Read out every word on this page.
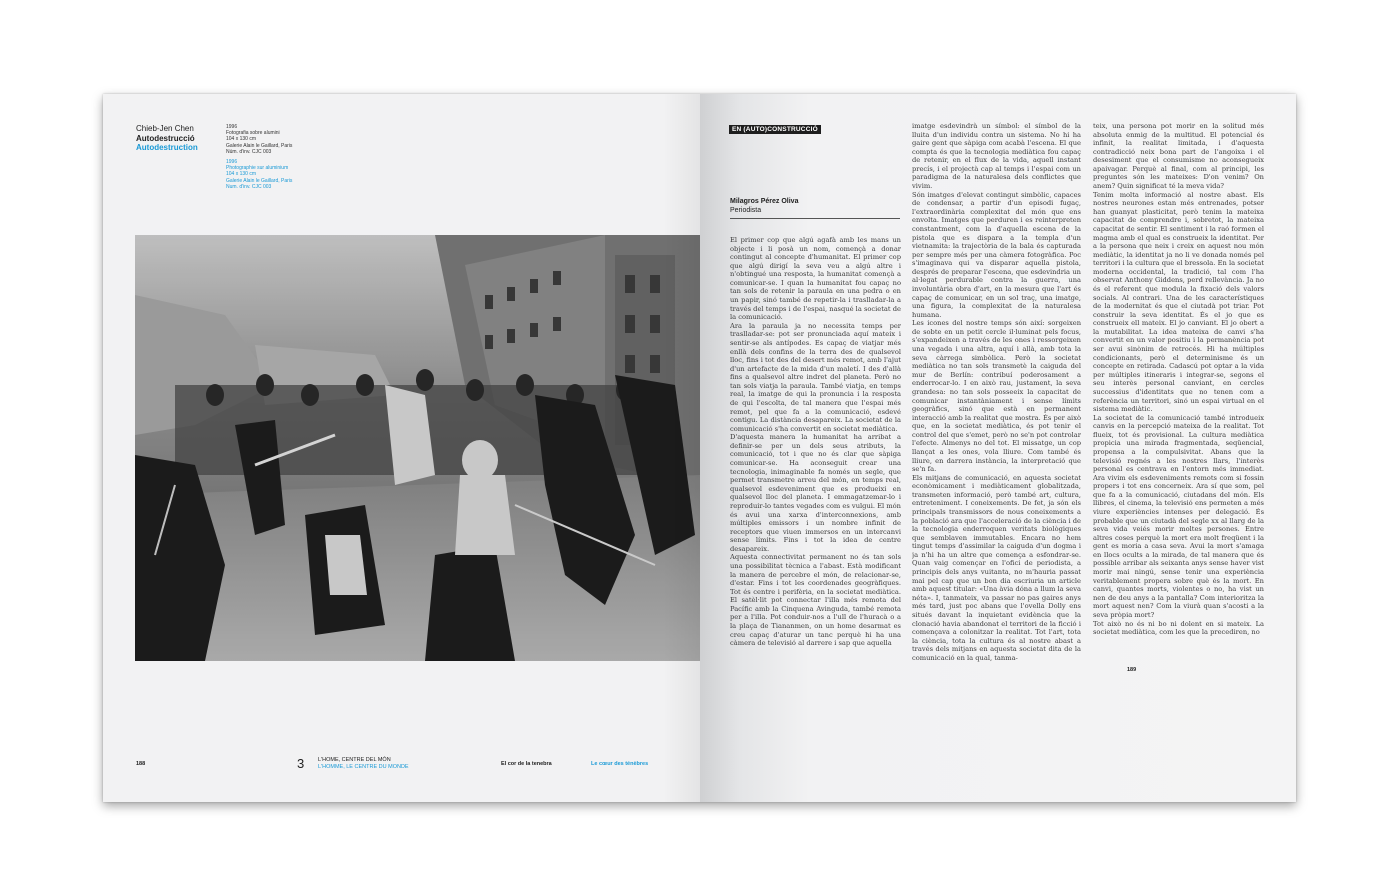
Chieb-Jen Chen
Autodestrucció
Autodestruction
1996
Fotografia sobre alumini
104 x 130 cm
Galerie Alain le Gaillard, Paris
Núm. d'inv. CJC 003
1996
Photographie sur aluminium
104 x 130 cm
Galerie Alain le Gaillard, Paris
Num. d'inv. CJC 003
188	3	L'HOME, CENTRE DEL MÓN
L'HOMME, LE CENTRE DU MONDE	El cor de la tenebra	Le cœur des ténèbres
EN (AUTO)CONSTRUCCIÓ
Milagros Pérez Oliva
Periodista

El primer cop que algú agafà amb les mans un objecte i li posà un nom, començà a donar contingut al concepte d'humanitat. El primer cop que algú dirigí la seva veu a algú altre i n'obtingué una resposta, la humanitat començà a comunicar-se. I quan la humanitat fou capaç no tan sols de retenir la paraula en una pedra o en un papir, sinó també de repetir-la i traslladar-la a través del temps i de l'espai, nasqué la societat de la comunicació.

Ara la paraula ja no necessita temps per traslladar-se: pot ser pronunciada aquí mateix i sentir-se als antípodes. Es capaç de viatjar més enllà dels confins de la terra des de qualsevol lloc, fins i tot des del desert més remot, amb l'ajut d'un artefacte de la mida d'un maletí. I des d'allà fins a qualsevol altre indret del planeta. Però no tan sols viatja la paraula. També viatja, en temps real, la imatge de qui la pronuncia i la resposta de qui l'escolta, de tal manera que l'espai més remot, pel que fa a la comunicació, esdevé contigu. La distància desapareix. La societat de la comunicació s'ha convertit en societat mediàtica.

D'aquesta manera la humanitat ha arribat a definir-se per un dels seus atributs, la comunicació, tot i que no és clar que sàpiga comunicar-se. Ha aconseguit crear una tecnologia, inimaginable fa només un segle, que permet transmetre arreu del món, en temps real, qualsevol esdeveniment que es produeixi en qualsevol lloc del planeta. I emmagatzemar-lo i reproduir-lo tantes vegades com es vulgui. El món és avui una xarxa d'interconnexions, amb múltiples emissors i un nombre infinit de receptors que viuen immersos en un intercanvi sense límits. Fins i tot la idea de centre desapareix.

Aquesta connectivitat permanent no és tan sols una possibilitat tècnica a l'abast. Està modificant la manera de percebre el món, de relacionar-se, d'estar. Fins i tot les coordenades geogràfiques. Tot és centre i perifèria, en la societat mediàtica. El satèl·lit pot connectar l'illa més remota del Pacífic amb la Cinquena Avinguda, també remota per a l'illa. Pot conduir-nos a l'ull de l'huracà o a la plaça de Tiananmen, on un home desarmat es creu capaç d'aturar un tanc perquè hi ha una càmera de televisió al darrere i sap que aquella

imatge esdevindrà un símbol: el símbol de la lluita d'un individu contra un sistema. No hi ha gaire gent que sàpiga com acabà l'escena. El que compta és que la tecnologia mediàtica fou capaç de retenir, en el flux de la vida, aquell instant precís, i el projectà cap al temps i l'espai com un paradigma de la naturalesa dels conflictes que vivim.

Són imatges d'elevat contingut simbòlic, capaces de condensar, a partir d'un episodi fugaç, l'extraordinària complexitat del món que ens envolta. Imatges que perduren i es reinterpreten constantment, com la d'aquella escena de la pistola que es dispara a la templa d'un vietnamita: la trajectòria de la bala és capturada per sempre més per una càmera fotogràfica. Poc s'imaginava qui va disparar aquella pistola, després de preparar l'escena, que esdevindria un al·legat perdurable contra la guerra, una involuntària obra d'art, en la mesura que l'art és capaç de comunicar, en un sol traç, una imatge, una figura, la complexitat de la naturalesa humana.

Les icones del nostre temps són així: sorgeixen de sobte en un petit cercle il·luminat pels focus, s'expandeixen a través de les ones i ressorgeixen una vegada i una altra, aquí i allà, amb tota la seva càrrega simbòlica. Però la societat mediàtica no tan sols transmetè la caiguda del mur de Berlín: contribuí poderosament a enderrocar-lo. I en això rau, justament, la seva grandesa: no tan sols posseeix la capacitat de comunicar instantàniament i sense límits geogràfics, sinó que està en permanent interacció amb la realitat que mostra. És per això que, en la societat mediàtica, és pot tenir el control del que s'emet, però no se'n pot controlar l'efecte. Almenys no del tot. El missatge, un cop llançat a les ones, vola lliure. Com també és lliure, en darrera instància, la interpretació que se'n fa.

Els mitjans de comunicació, en aquesta societat econòmicament i mediàticament globalitzada, transmeten informació, però també art, cultura, entreteniment. I coneixements. De fet, ja són els principals transmissors de nous coneixements a la població ara que l'acceleració de la ciència i de la tecnologia enderroquen veritats biològiques que semblaven immutables. Encara no hem tingut temps d'assimilar la caiguda d'un dogma i ja n'hi ha un altre que comença a esfondrar-se. Quan vaig començar en l'ofici de periodista, a principis dels anys vuitanta, no m'hauria passat mai pel cap que un bon dia escriuria un article amb aquest titular: «Una àvia dóna a llum la seva néta». I, tanmateix, va passar no pas gaires anys més tard, just poc abans que l'ovella Dolly ens situés davant la inquietant evidència que la clonació havia abandonat el territori de la ficció i començava a colonitzar la realitat. Tot l'art, tota la ciència, tota la cultura és al nostre abast a través dels mitjans en aquesta societat dita de la comunicació en la qual, tanma-

teix, una persona pot morir en la solitud més absoluta enmig de la multitud. El potencial és infinit, la realitat limitada, i d'aquesta contradicció neix bona part de l'angoixa i el desesiment que el consumisme no aconsegueix apaivagar. Perquè al final, com al principi, les preguntes són les mateixes: D'on venim? On anem? Quin significat té la meva vida?

Tenim molta informació al nostre abast. Els nostres neurones estan més entrenades, potser han guanyat plasticitat, però tenim la mateixa capacitat de comprendre i, sobretot, la mateixa capacitat de sentir. El sentiment i la raó formen el magma amb el qual es construeix la identitat. Per a la persona que neix i creix en aquest nou món mediàtic, la identitat ja no li ve donada només pel territori i la cultura que el bressola. En la societat moderna occidental, la tradició, tal com l'ha observat Anthony Giddens, perd rellevància. Ja no és el referent que modula la fixació dels valors socials. Al contrari. Una de les característiques de la modernitat és que el ciutadà pot triar. Pot construir la seva identitat. És el jo que es construeix ell mateix. El jo canviant. El jo obert a la mutabilitat. La idea mateixa de canvi s'ha convertit en un valor positiu i la permanència pot ser avui sinònim de retrocés. Hi ha múltiples condicionants, però el determinisme és un concepte en retirada. Cadascú pot optar a la vida per múltiples itineraris i integrar-se, segons el seu interès personal canviant, en cercles successius d'identitats que no tenen com a referència un territori, sinó un espai virtual en el sistema mediàtic.

La societat de la comunicació també introdueix canvis en la percepció mateixa de la realitat. Tot flueix, tot és provisional. La cultura mediàtica propicia una mirada fragmentada, seqüencial, propensa a la compulsivitat. Abans que la televisió regnés a les nostres llars, l'interès personal es centrava en l'entorn més immediat. Ara vivim els esdeveniments remots com si fossin propers i tot ens concerneix. Ara sí que som, pel que fa a la comunicació, ciutadans del món. Els llibres, el cinema, la televisió ens permeten a més viure experiències intenses per delegació. És probable que un ciutadà del segle xx al llarg de la seva vida veiés morir moltes persones. Entre altres coses perquè la mort era molt freqüent i la gent es moria a casa seva. Avui la mort s'amaga en llocs ocults a la mirada, de tal manera que és possible arribar als seixanta anys sense haver vist morir mai ningú, sense tenir una experiència veritablement propera sobre què és la mort. En canvi, quantes morts, violentes o no, ha vist un nen de deu anys a la pantalla? Com interioritza la mort aquest nen? Com la viurà quan s'acosti a la seva pròpia mort?

Tot això no és ni bo ni dolent en si mateix. La societat mediàtica, com les que la precediren, no

189
